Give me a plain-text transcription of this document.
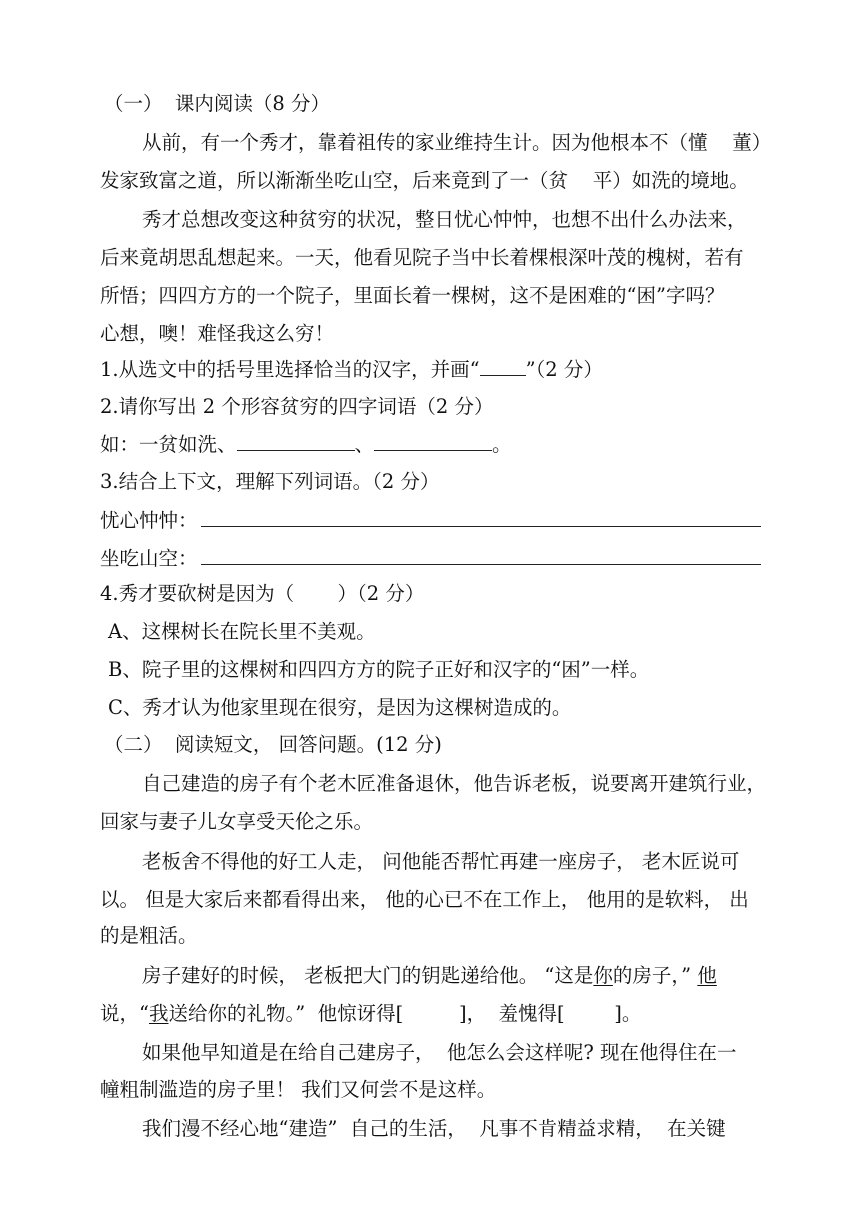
（一）  课内阅读（8 分）
从前，有一个秀才，靠着祖传的家业维持生计。因为他根本不（懂    董）
发家致富之道，所以渐渐坐吃山空，后来竟到了一（贫    平）如洗的境地。
秀才总想改变这种贫穷的状况，整日忧心忡忡，也想不出什么办法来，
后来竟胡思乱想起来。一天，他看见院子当中长着棵根深叶茂的槐树，若有
所悟；四四方方的一个院子，里面长着一棵树，这不是困难的“困”字吗？
心想，噢！难怪我这么穷！
1.从选文中的括号里选择恰当的汉字，并画“ ”（2 分）
2.请你写出 2 个形容贫穷的四字词语（2 分）
如：一贫如洗、	、	。
3.结合上下文，理解下列词语。（2 分）
忧心忡忡：
坐吃山空：
4.秀才要砍树是因为（       ）（2 分）
A、这棵树长在院长里不美观。
B、院子里的这棵树和四四方方的院子正好和汉字的“困”一样。
C、秀才认为他家里现在很穷，是因为这棵树造成的。
（二）  阅读短文， 回答问题。(12 分)
自己建造的房子有个老木匠准备退休，他告诉老板，说要离开建筑行业，
回家与妻子儿女享受天伦之乐。
老板舍不得他的好工人走， 问他能否帮忙再建一座房子， 老木匠说可
以。 但是大家后来都看得出来， 他的心已不在工作上， 他用的是软料， 出
的是粗活。
房子建好的时候， 老板把大门的钥匙递给他。 “这是你的房子，” 他
说，“我送给你的礼物。”  他惊讶得[         ]，  羞愧得[        ]。
如果他早知道是在给自己建房子，  他怎么会这样呢? 现在他得住在一
幢粗制滥造的房子里！ 我们又何尝不是这样。
我们漫不经心地“建造”  自己的生活，  凡事不肯精益求精，  在关键
